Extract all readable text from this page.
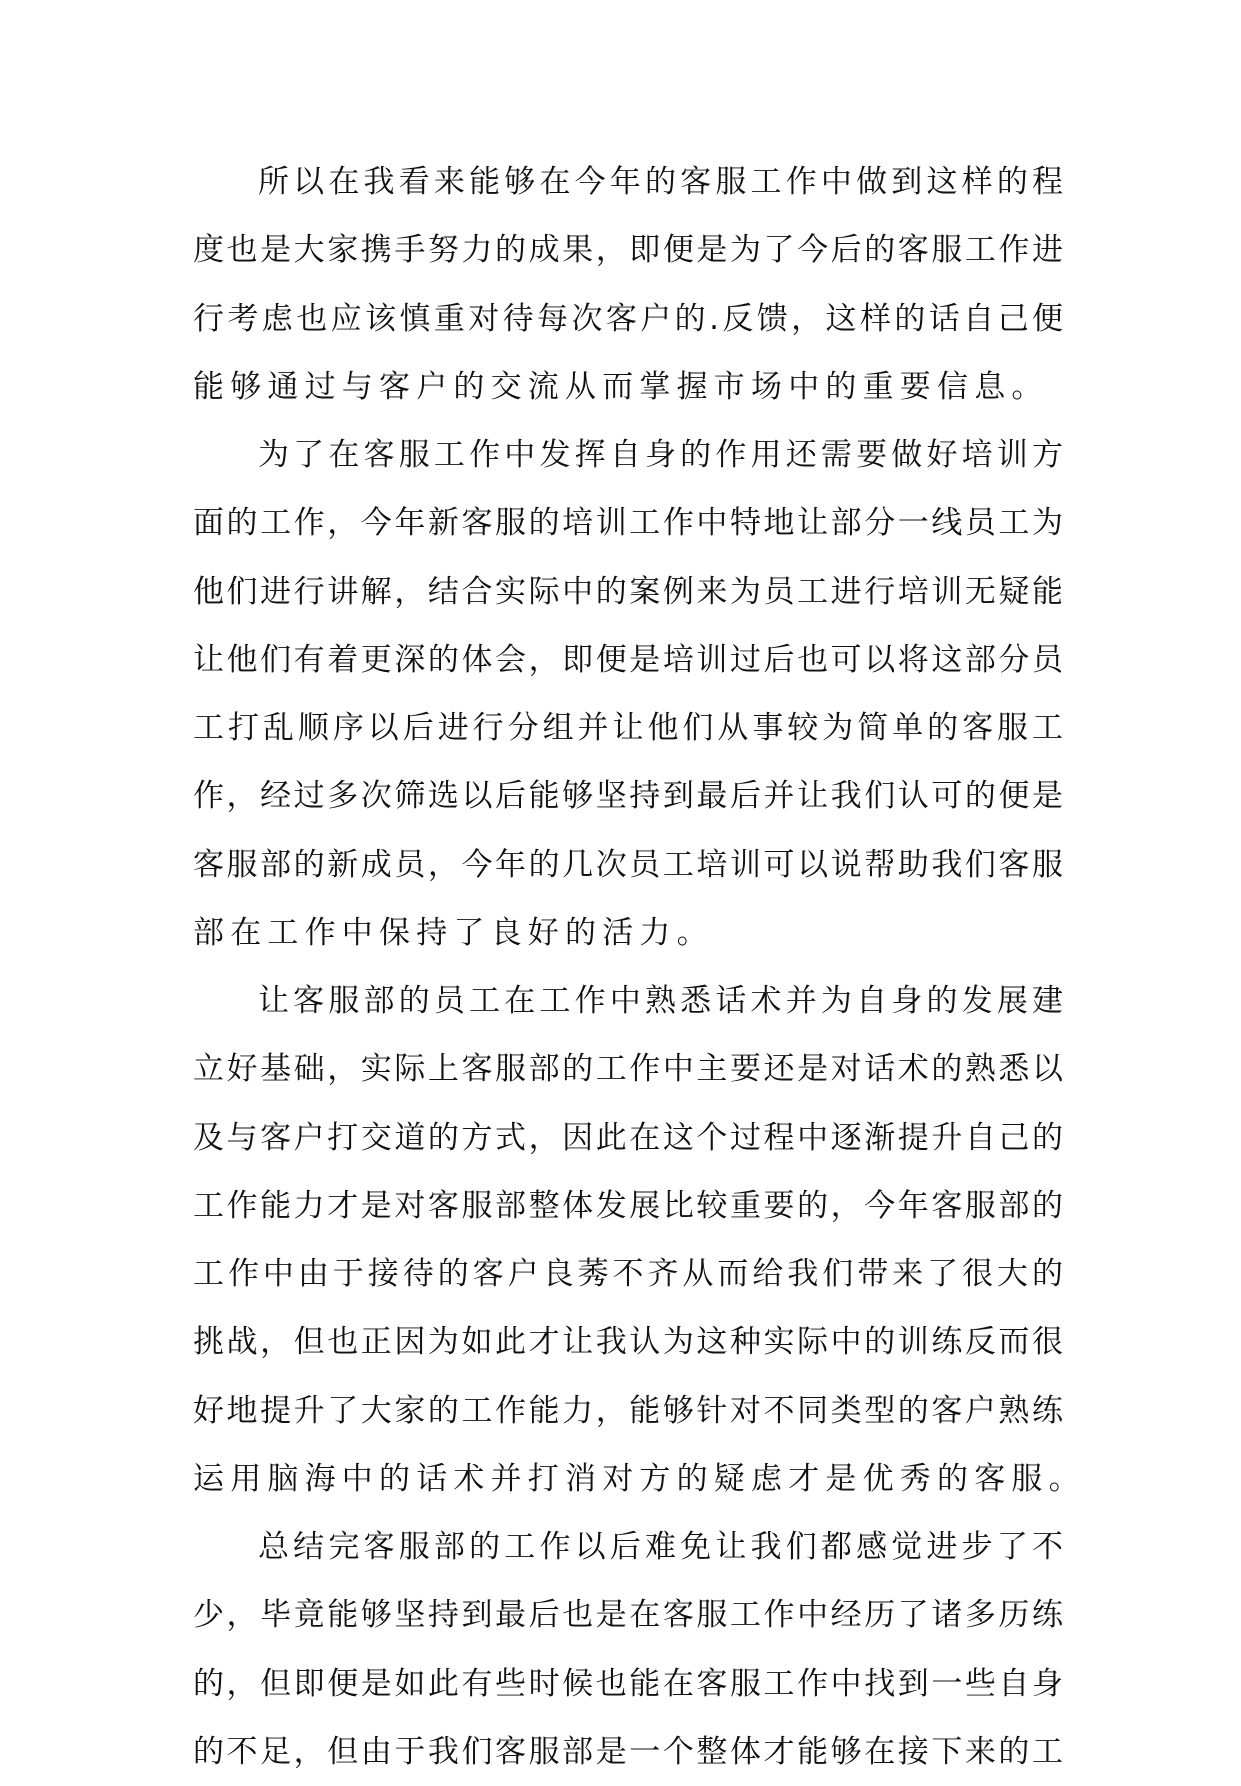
所以在我看来能够在今年的客服工作中做到这样的程
度也是大家携手努力的成果，即便是为了今后的客服工作进
行考虑也应该慎重对待每次客户的.反馈，这样的话自己便
能够通过与客户的交流从而掌握市场中的重要信息。
为了在客服工作中发挥自身的作用还需要做好培训方
面的工作，今年新客服的培训工作中特地让部分一线员工为
他们进行讲解，结合实际中的案例来为员工进行培训无疑能
让他们有着更深的体会，即便是培训过后也可以将这部分员
工打乱顺序以后进行分组并让他们从事较为简单的客服工
作，经过多次筛选以后能够坚持到最后并让我们认可的便是
客服部的新成员，今年的几次员工培训可以说帮助我们客服
部在工作中保持了良好的活力。
让客服部的员工在工作中熟悉话术并为自身的发展建
立好基础，实际上客服部的工作中主要还是对话术的熟悉以
及与客户打交道的方式，因此在这个过程中逐渐提升自己的
工作能力才是对客服部整体发展比较重要的，今年客服部的
工作中由于接待的客户良莠不齐从而给我们带来了很大的
挑战，但也正因为如此才让我认为这种实际中的训练反而很
好地提升了大家的工作能力，能够针对不同类型的客户熟练
运用脑海中的话术并打消对方的疑虑才是优秀的客服。
总结完客服部的工作以后难免让我们都感觉进步了不
少，毕竟能够坚持到最后也是在客服工作中经历了诸多历练
的，但即便是如此有些时候也能在客服工作中找到一些自身
的不足，但由于我们客服部是一个整体才能够在接下来的工
